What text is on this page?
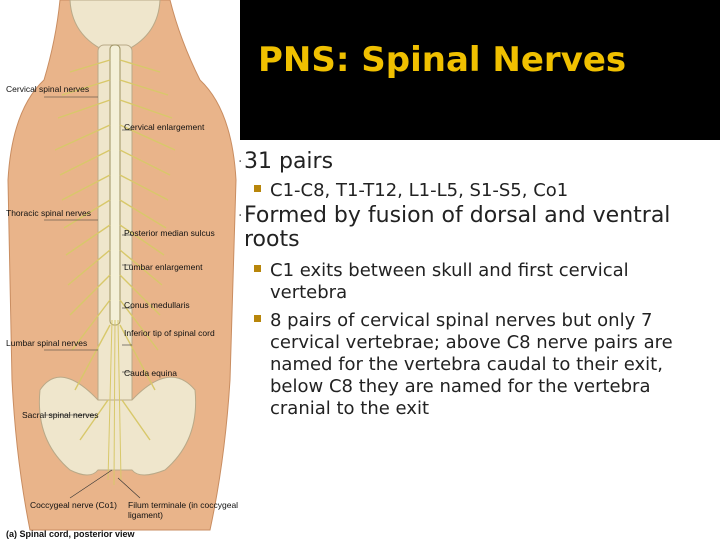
Cervical spinal nerves
Thoracic spinal nerves
Lumbar spinal nerves
Sacral spinal nerves
Coccygeal nerve (Co1)
Cervical enlargement
Posterior median sulcus
Lumbar enlargement
Conus medullaris
Inferior tip of spinal cord
Cauda equina
Filum terminale (in coccygeal ligament)
(a) Spinal cord, posterior view
PNS: Spinal Nerves
· 31 pairs
C1-C8, T1-T12, L1-L5, S1-S5, Co1
· Formed by fusion of dorsal and ventral roots
C1 exits between skull and first cervical vertebra
8 pairs of cervical spinal nerves but only 7 cervical vertebrae; above C8 nerve pairs are named for the vertebra caudal to their exit, below C8 they are named for the vertebra cranial to the exit
